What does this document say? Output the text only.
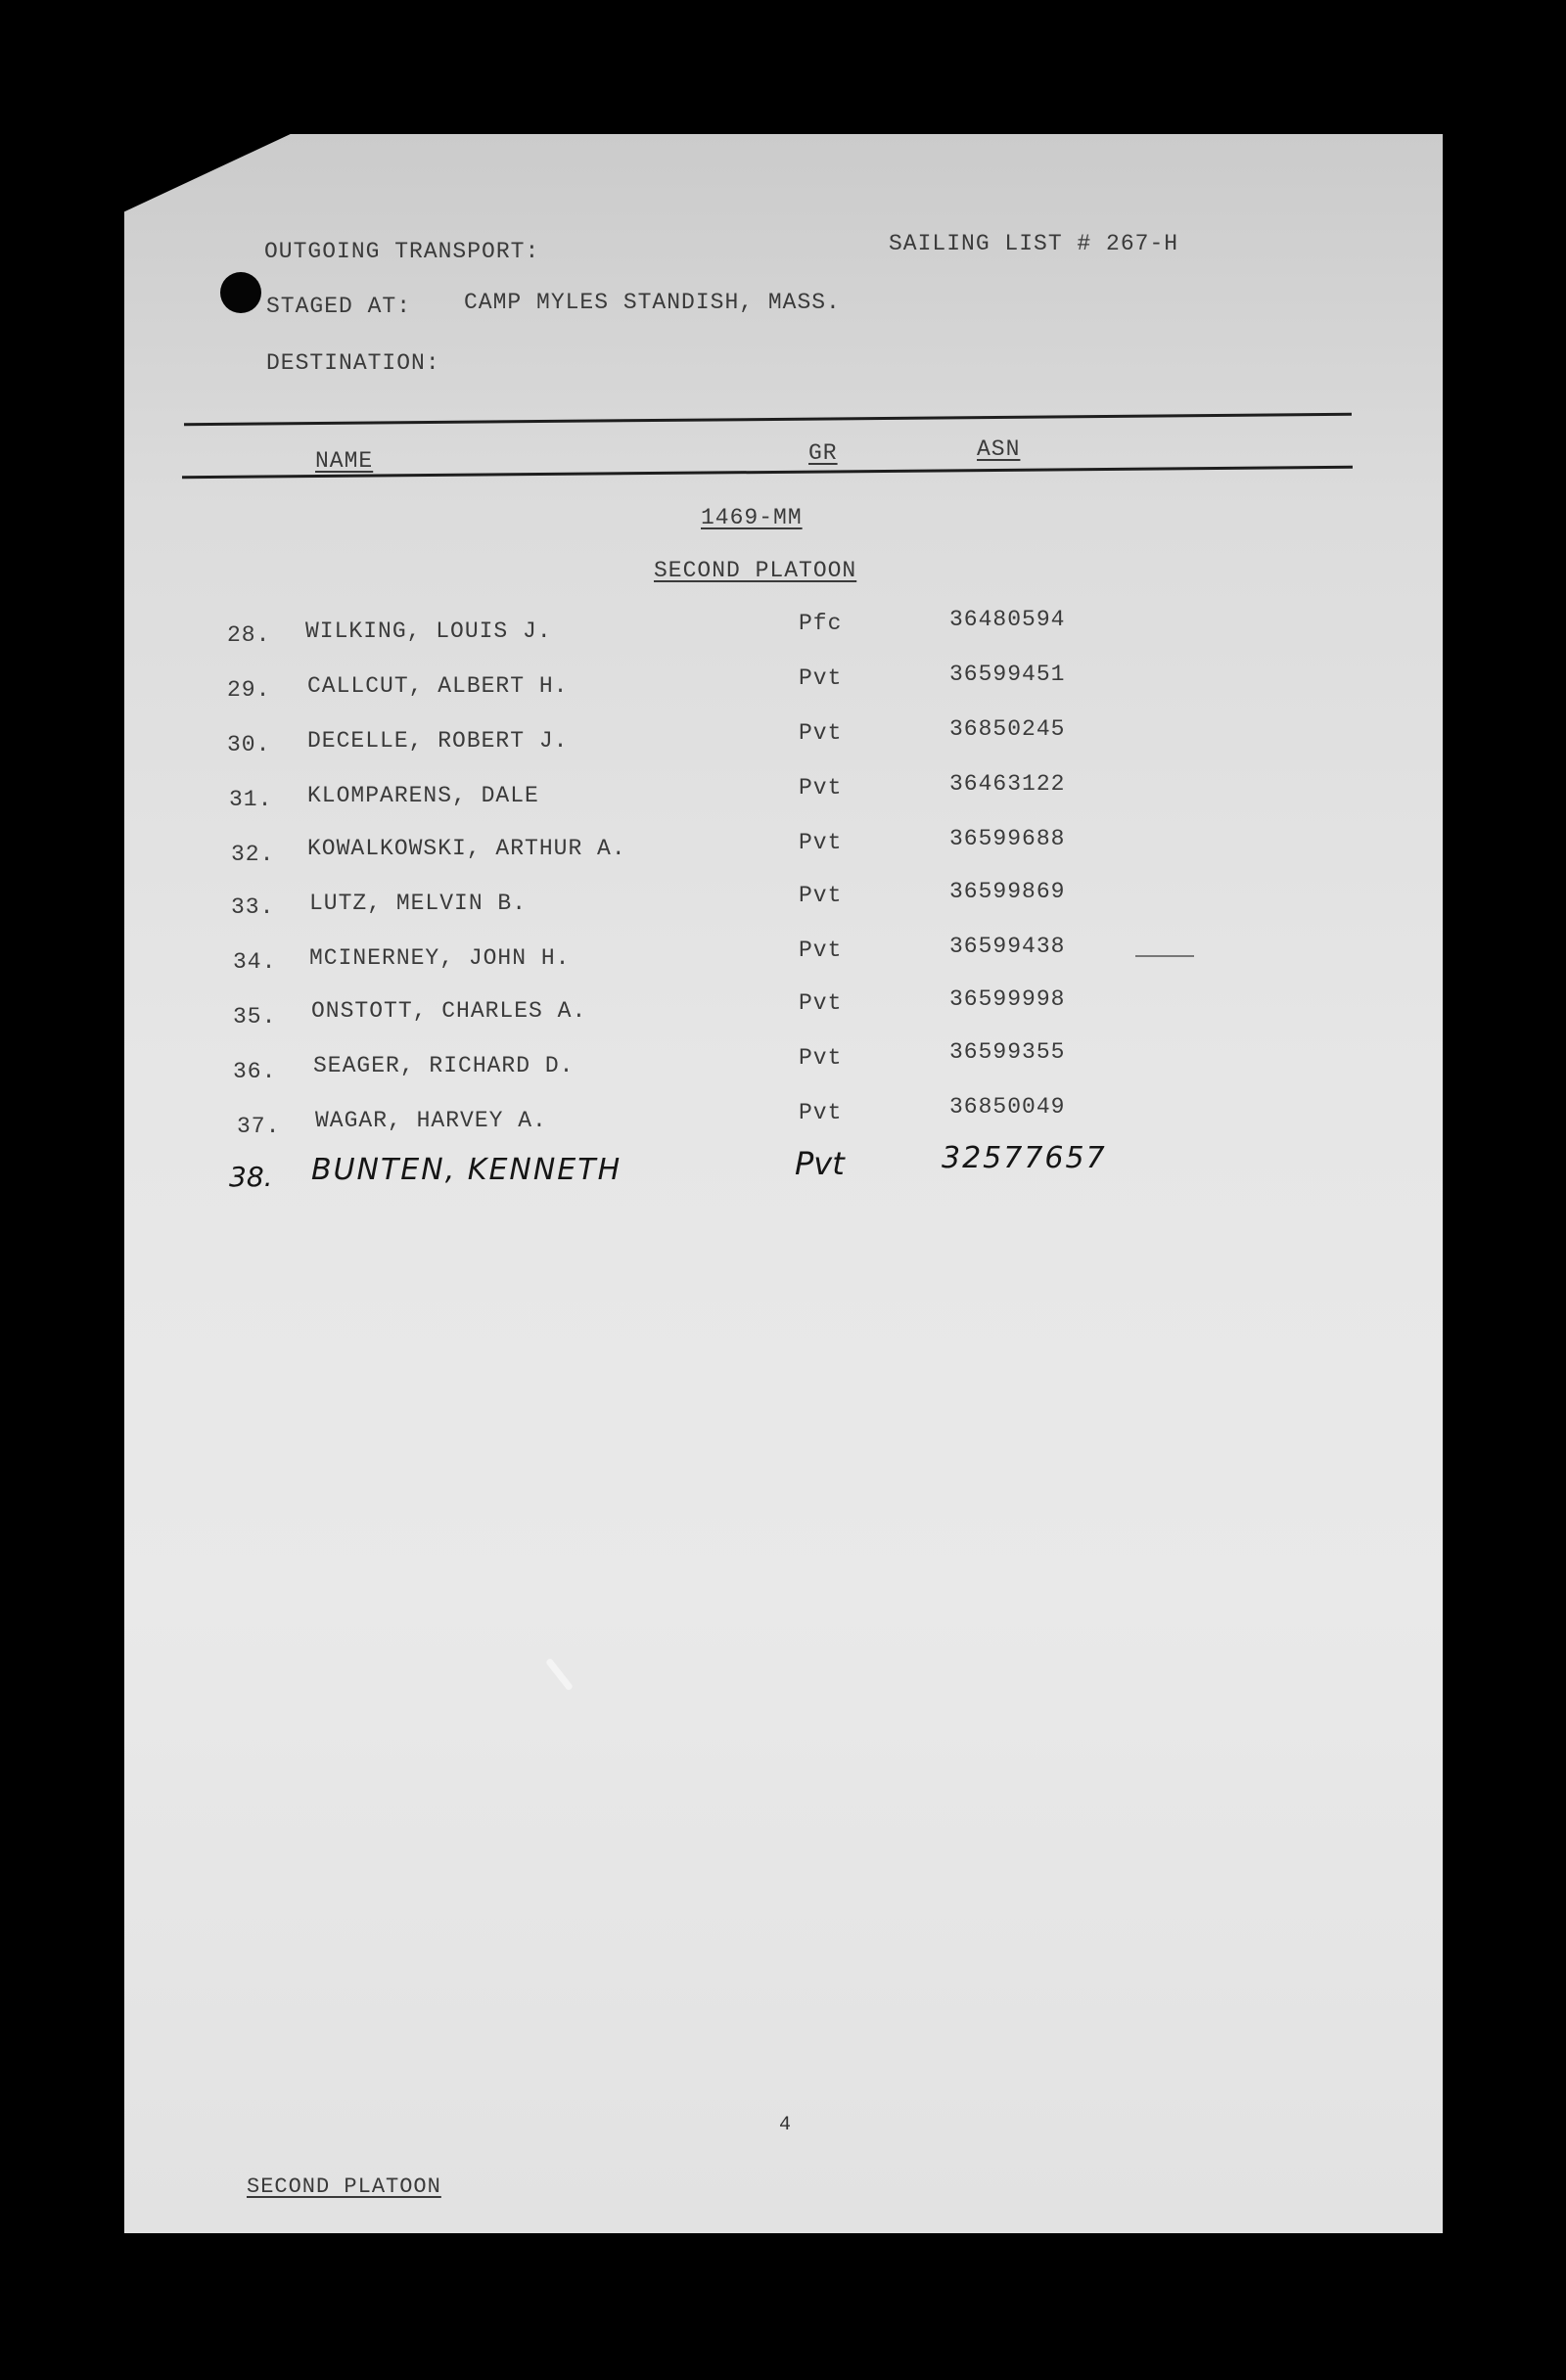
OUTGOING TRANSPORT:	SAILING LIST # 267-H
STAGED AT: CAMP MYLES STANDISH, MASS.
DESTINATION:
NAME	GR	ASN
1469-MM
SECOND PLATOON
28. WILKING, LOUIS J.	Pfc	36480594
29. CALLCUT, ALBERT H.	Pvt	36599451
30. DECELLE, ROBERT J.	Pvt	36850245
31. KLOMPARENS, DALE	Pvt	36463122
32. KOWALKOWSKI, ARTHUR A.	Pvt	36599688
33. LUTZ, MELVIN B.	Pvt	36599869
34. MCINERNEY, JOHN H.	Pvt	36599438
35. ONSTOTT, CHARLES A.	Pvt	36599998
36. SEAGER, RICHARD D.	Pvt	36599355
37. WAGAR, HARVEY A.	Pvt	36850049
38. BUNTEN, KENNETH	Pvt	32577657
4
SECOND PLATOON
